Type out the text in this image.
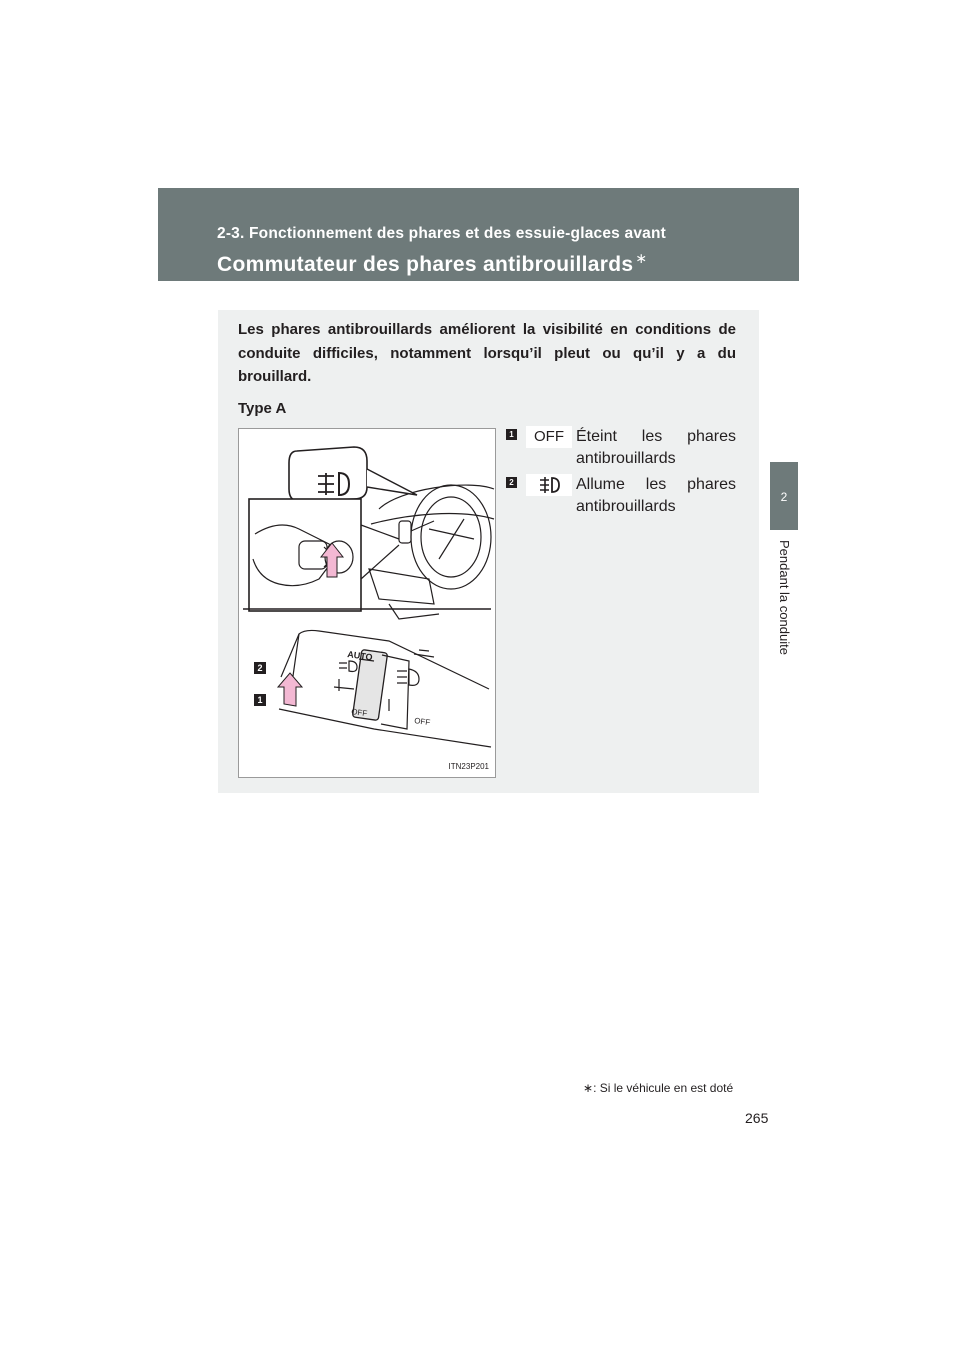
2-3. Fonctionnement des phares et des essuie-glaces avant
Commutateur des phares antibrouillards ∗
2
Pendant la conduite
Les phares antibrouillards améliorent la visibilité en conditions de conduite difficiles, notamment lorsqu’il pleut ou qu’il y a du brouillard.
Type A
AUTO
OFF
OFF
2
1
ITN23P201
1	OFF Éteint les phares
antibrouillards
2	Allume les phares
antibrouillards
∗: Si le véhicule en est doté
265
